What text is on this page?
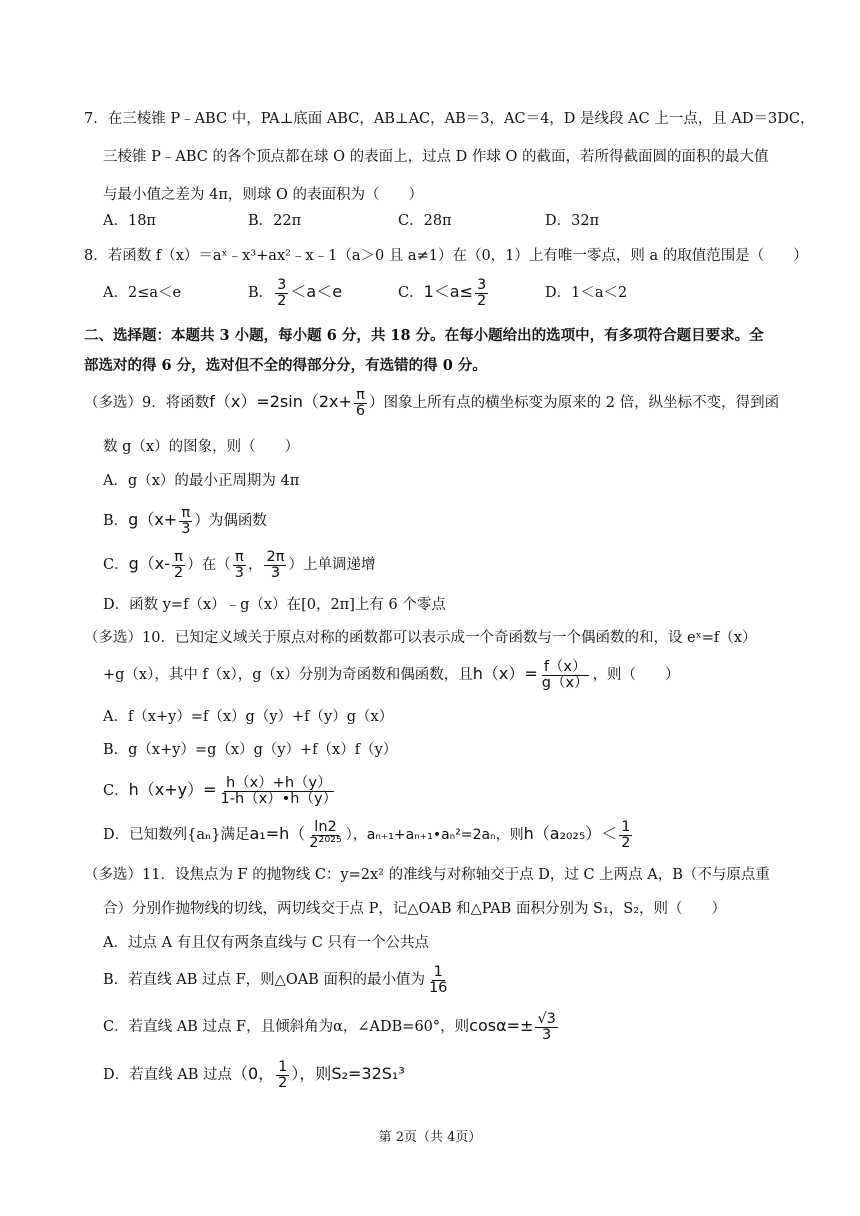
7．在三棱锥 P﹣ABC 中，PA⊥底面 ABC，AB⊥AC，AB＝3，AC＝4，D 是线段 AC 上一点，且 AD＝3DC，
三棱锥 P﹣ABC 的各个顶点都在球 O 的表面上，过点 D 作球 O 的截面，若所得截面圆的面积的最大值
与最小值之差为 4π，则球 O 的表面积为（　　）
A．18π	B．22π	C．28π	D．32π
8．若函数 f（x）＝aˣ﹣x³+ax²﹣x﹣1（a＞0 且 a≠1）在（0，1）上有唯一零点，则 a 的取值范围是（　　）
A．2≤a＜e	B． $\frac{3}{2} <a<e$	C．$1<a\le \frac{3}{2}$	D．1＜a＜2
二、选择题：本题共 3 小题，每小题 6 分，共 18 分。在每小题给出的选项中，有多项符合题目要求。全
部选对的得 6 分，选对但不全的得部分分，有选错的得 0 分。
（多选）9．将函数$f(x)=2\sin(2x+ \frac{\pi}{6}$ ）图象上所有点的横坐标变为原来的 2 倍，纵坐标不变，得到函
数 g（x）的图象，则（　　）
A．g（x）的最小正周期为 4π
B．$g(x+ \frac{\pi}{3}$ ）为偶函数
C．$g(x- \frac{\pi}{2}$ ）在（ $\frac{\pi}{3}$ ， $\frac{2\pi}{3}$ ）上单调递增
D．函数 y=f（x）﹣g（x）在[0，2π]上有 6 个零点
（多选）10．已知定义域关于原点对称的函数都可以表示成一个奇函数与一个偶函数的和，设 eˣ=f（x）
+g（x），其中 f（x），g（x）分别为奇函数和偶函数，且$h(x)= \frac{f(x)}{g(x)}$ ，则（　　）
A．f（x+y）=f（x）g（y）+f（y）g（x）
B．g（x+y）=g（x）g（y）+f（x）f（y）
C．$h(x+y)= \frac{h(x)+h(y)}{1-h(x)•h(y)}$
D．已知数列{aₙ}满足$a_1=h( \frac{\ln 2}{\text{2²⁰²⁵}}$ ），aₙ₊₁+aₙ₊₁•aₙ²=2aₙ，则$h(a_{2025})< \frac{1}{2}$
（多选）11．设焦点为 F 的抛物线 C：y=2x² 的准线与对称轴交于点 D，过 C 上两点 A，B（不与原点重
合）分别作抛物线的切线，两切线交于点 P，记△OAB 和△PAB 面积分别为 S₁，S₂，则（　　）
A．过点 A 有且仅有两条直线与 C 只有一个公共点
B．若直线 AB 过点 F，则△OAB 面积的最小值为 $\frac{1}{16}$
C．若直线 AB 过点 F，且倾斜角为α，∠ADB=60°，则$\cos\alpha=\pm \frac{√3}{3}$
D．若直线 AB 过点（0， $\frac{1}{2}$ ），则S₂=32S₁³
第 2页（共 4页）
